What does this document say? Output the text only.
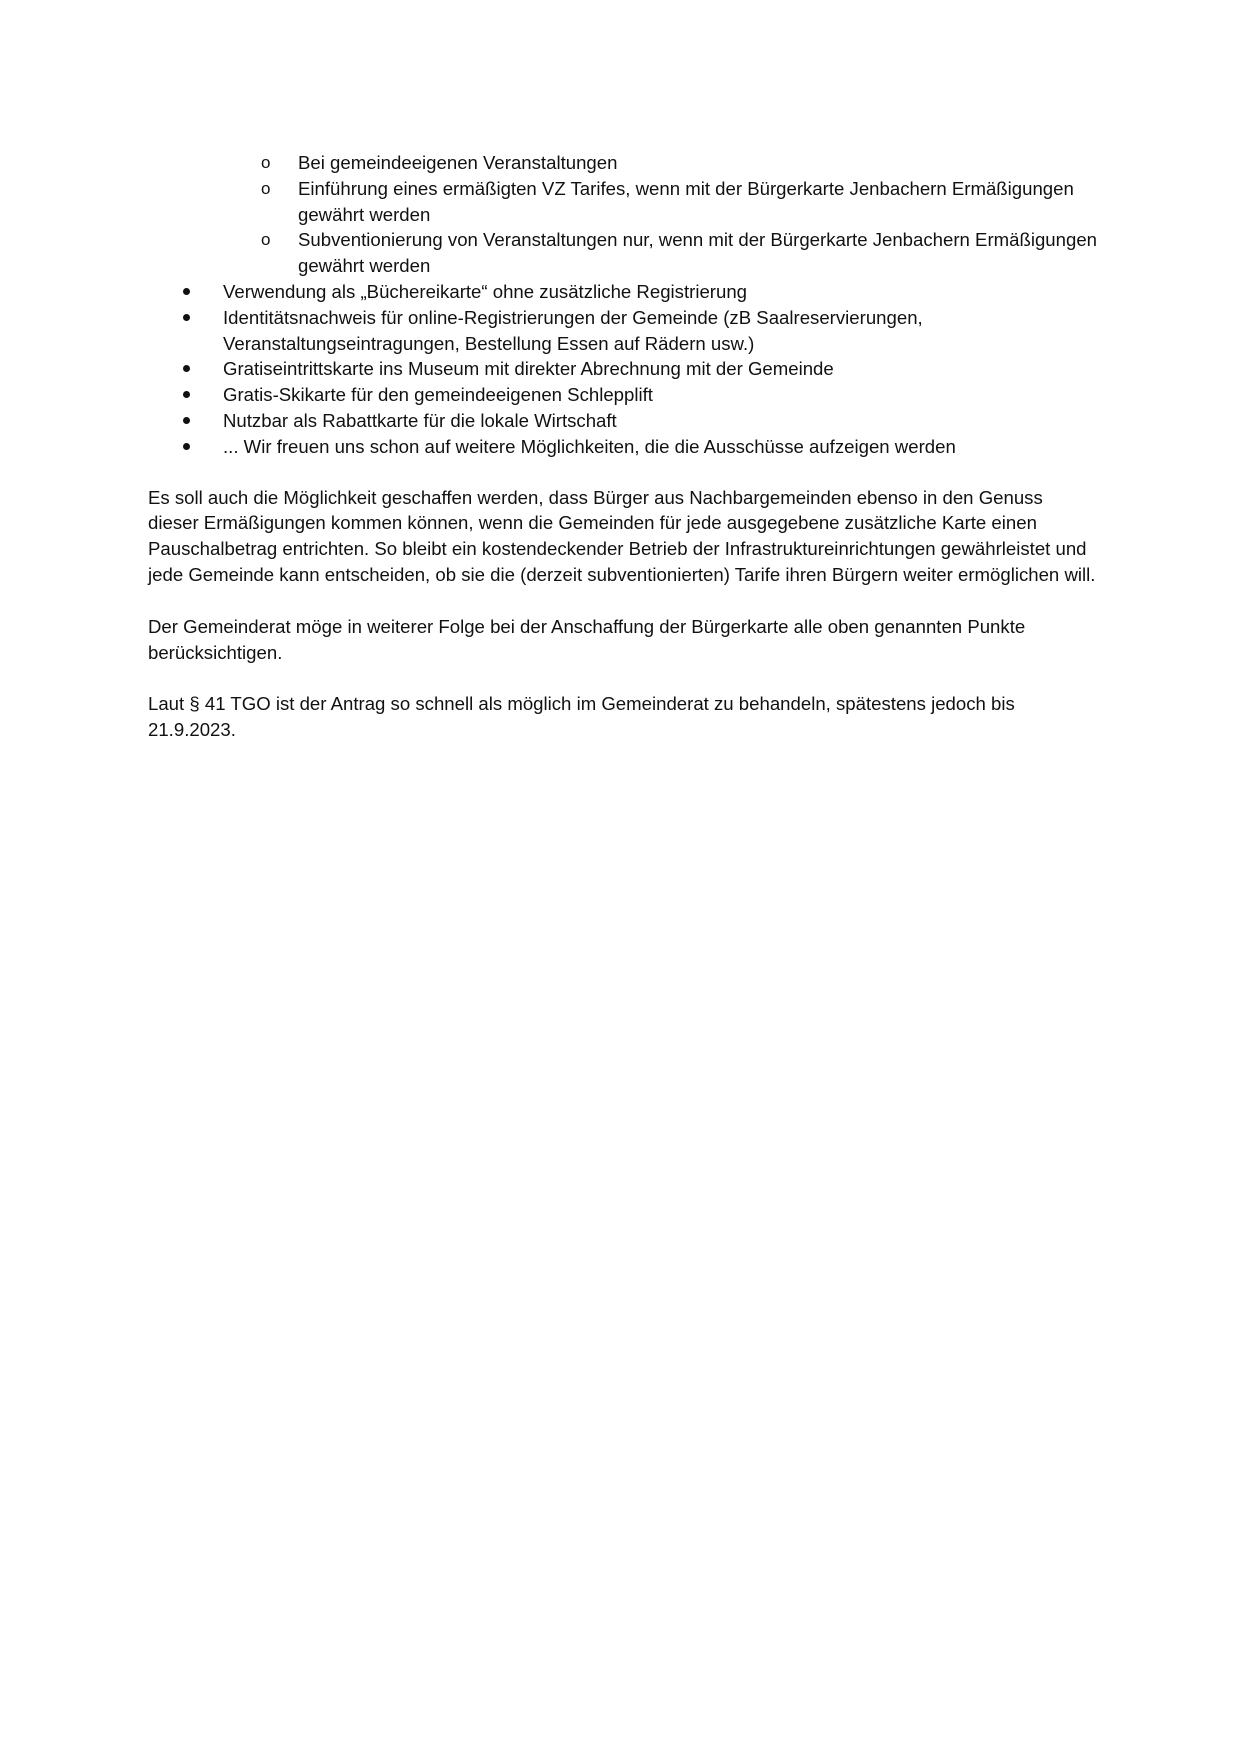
o Bei gemeindeeigenen Veranstaltungen
o Einführung eines ermäßigten VZ Tarifes, wenn mit der Bürgerkarte Jenbachern Ermäßigungen gewährt werden
o Subventionierung von Veranstaltungen nur, wenn mit der Bürgerkarte Jenbachern Ermäßigungen gewährt werden
Verwendung als „Büchereikarte“ ohne zusätzliche Registrierung
Identitätsnachweis für online-Registrierungen der Gemeinde (zB Saalreservierungen, Veranstaltungseintragungen, Bestellung Essen auf Rädern usw.)
Gratiseintrittskarte ins Museum mit direkter Abrechnung mit der Gemeinde
Gratis-Skikarte für den gemeindeeigenen Schlepplift
Nutzbar als Rabattkarte für die lokale Wirtschaft
... Wir freuen uns schon auf weitere Möglichkeiten, die die Ausschüsse aufzeigen werden

Es soll auch die Möglichkeit geschaffen werden, dass Bürger aus Nachbargemeinden ebenso in den Genuss dieser Ermäßigungen kommen können, wenn die Gemeinden für jede ausgegebene zusätzliche Karte einen Pauschalbetrag entrichten. So bleibt ein kostendeckender Betrieb der Infrastruktureinrichtungen gewährleistet und jede Gemeinde kann entscheiden, ob sie die (derzeit subventionierten) Tarife ihren Bürgern weiter ermöglichen will.

Der Gemeinderat möge in weiterer Folge bei der Anschaffung der Bürgerkarte alle oben genannten Punkte berücksichtigen.

Laut § 41 TGO ist der Antrag so schnell als möglich im Gemeinderat zu behandeln, spätestens jedoch bis 21.9.2023.
